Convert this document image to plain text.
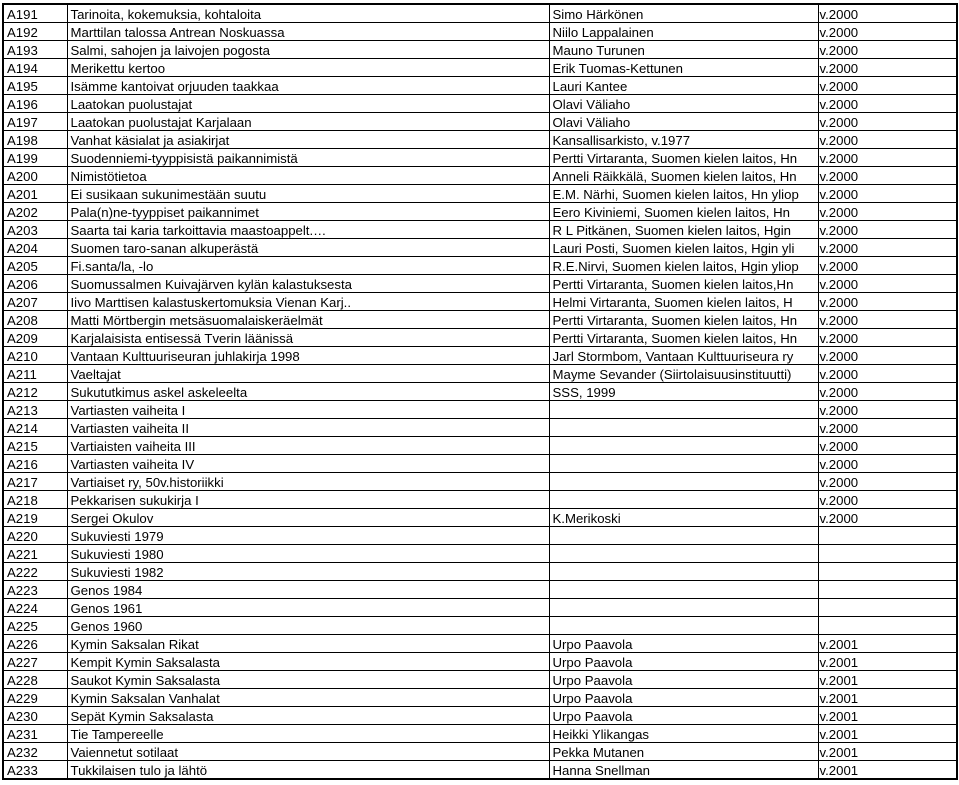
A191	Tarinoita, kokemuksia, kohtaloita	Simo Härkönen	v.2000
A192	Marttilan talossa Antrean Noskuassa	Niilo Lappalainen	v.2000
A193	Salmi, sahojen ja laivojen pogosta	Mauno Turunen	v.2000
A194	Merikettu kertoo	Erik Tuomas-Kettunen	v.2000
A195	Isämme kantoivat orjuuden taakkaa	Lauri Kantee	v.2000
A196	Laatokan puolustajat	Olavi Väliaho	v.2000
A197	Laatokan puolustajat Karjalaan	Olavi Väliaho	v.2000
A198	Vanhat käsialat ja asiakirjat	Kansallisarkisto, v.1977	v.2000
A199	Suodenniemi-tyyppisistä paikannimistä	Pertti Virtaranta, Suomen kielen laitos, Hn	v.2000
A200	Nimistötietoa	Anneli Räikkälä, Suomen kielen laitos, Hn	v.2000
A201	Ei susikaan sukunimestään suutu	E.M. Närhi, Suomen kielen laitos, Hn yliop	v.2000
A202	Pala(n)ne-tyyppiset paikannimet	Eero Kiviniemi, Suomen kielen laitos, Hn	v.2000
A203	Saarta tai karia tarkoittavia maastoappelt.…	R L Pitkänen, Suomen kielen laitos, Hgin	v.2000
A204	Suomen taro-sanan alkuperästä	Lauri Posti, Suomen kielen laitos, Hgin yli	v.2000
A205	Fi.santa/la, -lo	R.E.Nirvi, Suomen kielen laitos, Hgin yliop	v.2000
A206	Suomussalmen Kuivajärven kylän kalastuksesta	Pertti Virtaranta, Suomen kielen laitos,Hn	v.2000
A207	Iivo Marttisen kalastuskertomuksia Vienan Karj..	Helmi Virtaranta, Suomen kielen laitos, H	v.2000
A208	Matti Mörtbergin metsäsuomalaiskeräelmät	Pertti Virtaranta, Suomen kielen laitos, Hn	v.2000
A209	Karjalaisista entisessä Tverin läänissä	Pertti Virtaranta, Suomen kielen laitos, Hn	v.2000
A210	Vantaan Kulttuuriseuran juhlakirja 1998	Jarl Stormbom, Vantaan Kulttuuriseura ry	v.2000
A211	Vaeltajat	Mayme Sevander (Siirtolaisuusinstituutti)	v.2000
A212	Sukututkimus askel askeleelta	SSS, 1999	v.2000
A213	Vartiasten vaiheita I		v.2000
A214	Vartiasten vaiheita II		v.2000
A215	Vartiaisten vaiheita III		v.2000
A216	Vartiasten vaiheita IV		v.2000
A217	Vartiaiset ry, 50v.historiikki		v.2000
A218	Pekkarisen sukukirja I		v.2000
A219	Sergei Okulov	K.Merikoski	v.2000
A220	Sukuviesti 1979		
A221	Sukuviesti 1980		
A222	Sukuviesti 1982		
A223	Genos 1984		
A224	Genos 1961		
A225	Genos 1960		
A226	Kymin Saksalan Rikat	Urpo Paavola	v.2001
A227	Kempit Kymin Saksalasta	Urpo Paavola	v.2001
A228	Saukot Kymin Saksalasta	Urpo Paavola	v.2001
A229	Kymin Saksalan Vanhalat	Urpo Paavola	v.2001
A230	Sepät Kymin Saksalasta	Urpo Paavola	v.2001
A231	Tie Tampereelle	Heikki Ylikangas	v.2001
A232	Vaiennetut sotilaat	Pekka Mutanen	v.2001
A233	Tukkilaisen tulo ja lähtö	Hanna Snellman	v.2001
